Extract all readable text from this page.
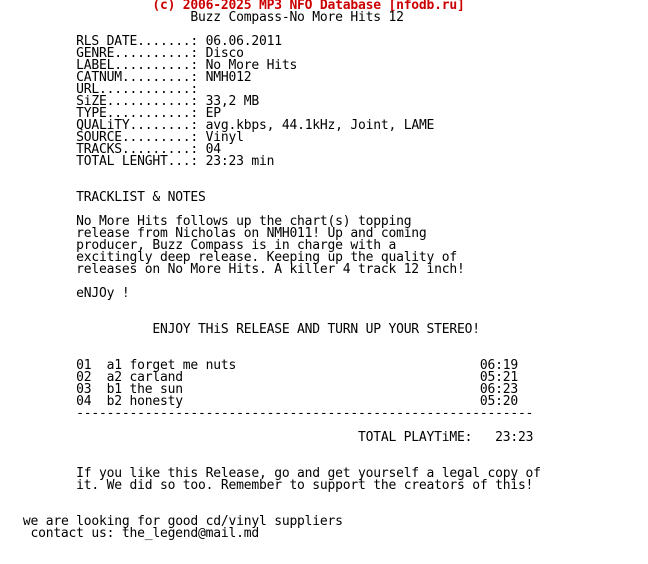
(c) 2006-2025 MP3 NFO Database [nfodb.ru]
Buzz Compass-No More Hits 12

RLS DATE.......: 06.06.2011
GENRE..........: Disco
LABEL..........: No More Hits
CATNUM.........: NMH012
URL............:
SiZE...........: 33,2 MB
TYPE...........: EP
QUALiTY........: avg.kbps, 44.1kHz, Joint, LAME
SOURCE.........: Vinyl
TRACKS.........: 04
TOTAL LENGHT...: 23:23 min

TRACKLIST & NOTES

No More Hits follows up the chart(s) topping
release from Nicholas on NMH011! Up and coming
producer, Buzz Compass is in charge with a
excitingly deep release. Keeping up the quality of
releases on No More Hits. A killer 4 track 12 inch!

eNJOy !

ENJOY THiS RELEASE AND TURN UP YOUR STEREO!

01 a1 forget me nuts	06:19
02 a2 carland	05:21
03 b1 the sun	06:23
04 b2 honesty	05:20
------------------------------------------------------------

TOTAL PLAYTiME: 23:23

If you like this Release, go and get yourself a legal copy of
it. We did so too. Remember to support the creators of this!

we are looking for good cd/vinyl suppliers
contact us: the_legend@mail.md
